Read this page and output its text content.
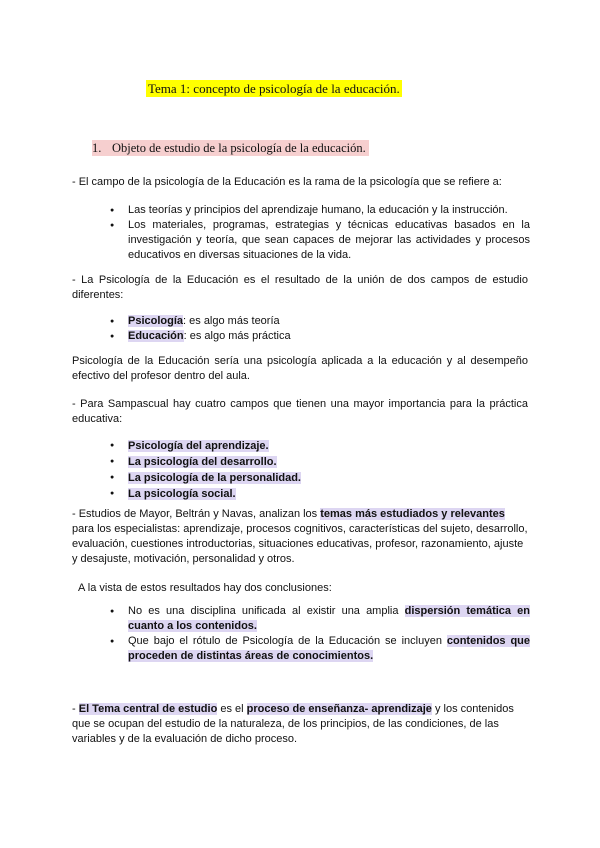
Tema 1: concepto de psicología de la educación.
1. Objeto de estudio de la psicología de la educación.
- El campo de la psicología de la Educación es la rama de la psicología que se refiere a:
● Las teorías y principios del aprendizaje humano, la educación y la instrucción.
● Los materiales, programas, estrategias y técnicas educativas basados en la investigación y teoría, que sean capaces de mejorar las actividades y procesos educativos en diversas situaciones de la vida.
- La Psicología de la Educación es el resultado de la unión de dos campos de estudio diferentes:
● Psicología: es algo más teoría
● Educación: es algo más práctica
Psicología de la Educación sería una psicología aplicada a la educación y al desempeño efectivo del profesor dentro del aula.
- Para Sampascual hay cuatro campos que tienen una mayor importancia para la práctica educativa:
● Psicología del aprendizaje.
● La psicología del desarrollo.
● La psicología de la personalidad.
● La psicología social.
- Estudios de Mayor, Beltrán y Navas, analizan los temas más estudiados y relevantes para los especialistas: aprendizaje, procesos cognitivos, características del sujeto, desarrollo, evaluación, cuestiones introductorias, situaciones educativas, profesor, razonamiento, ajuste y desajuste, motivación, personalidad y otros.
A la vista de estos resultados hay dos conclusiones:
● No es una disciplina unificada al existir una amplia dispersión temática en cuanto a los contenidos.
● Que bajo el rótulo de Psicología de la Educación se incluyen contenidos que proceden de distintas áreas de conocimientos.
- El Tema central de estudio es el proceso de enseñanza- aprendizaje y los contenidos que se ocupan del estudio de la naturaleza, de los principios, de las condiciones, de las variables y de la evaluación de dicho proceso.
